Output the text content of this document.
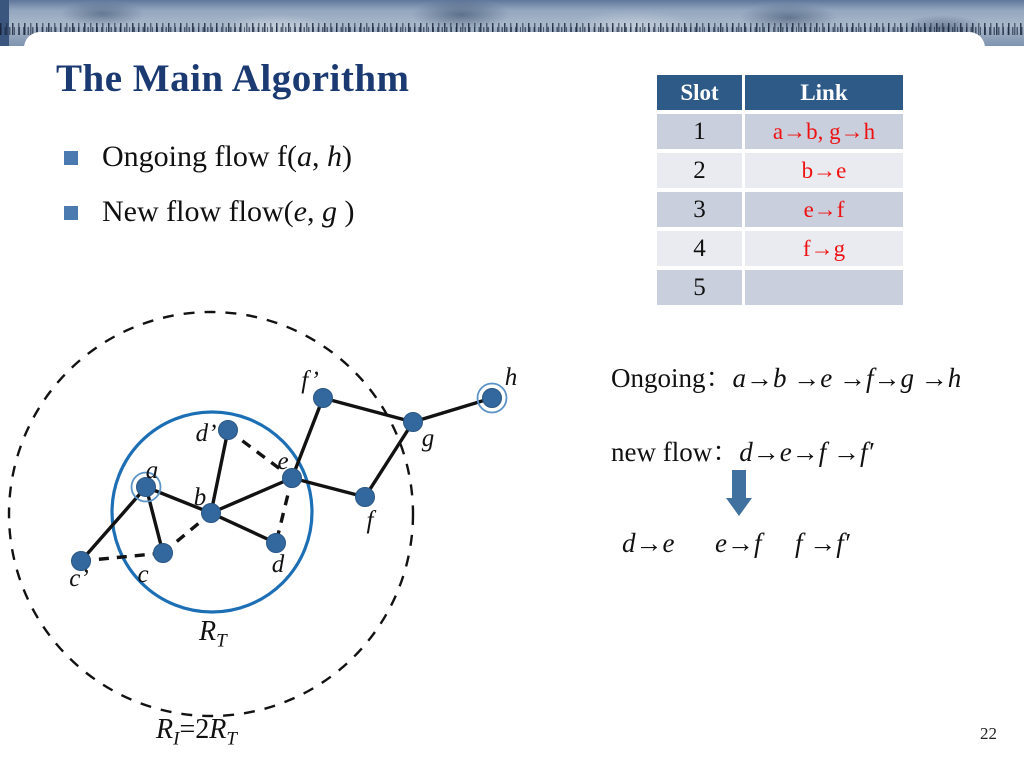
The Main Algorithm
Ongoing flow f(a, h)
New flow flow(e, g )
Slot	Link
1	a→b, g→h
2	b→e
3	e→f
4	f→g
5
Ongoing：a→b →e →f→g →h
new flow：d→e→f →f′
d→e e→f f →f′
a
b
c
c’
d
d’
e
f
f’
g
h
$R_T$
$R_I=2R_T$	22
